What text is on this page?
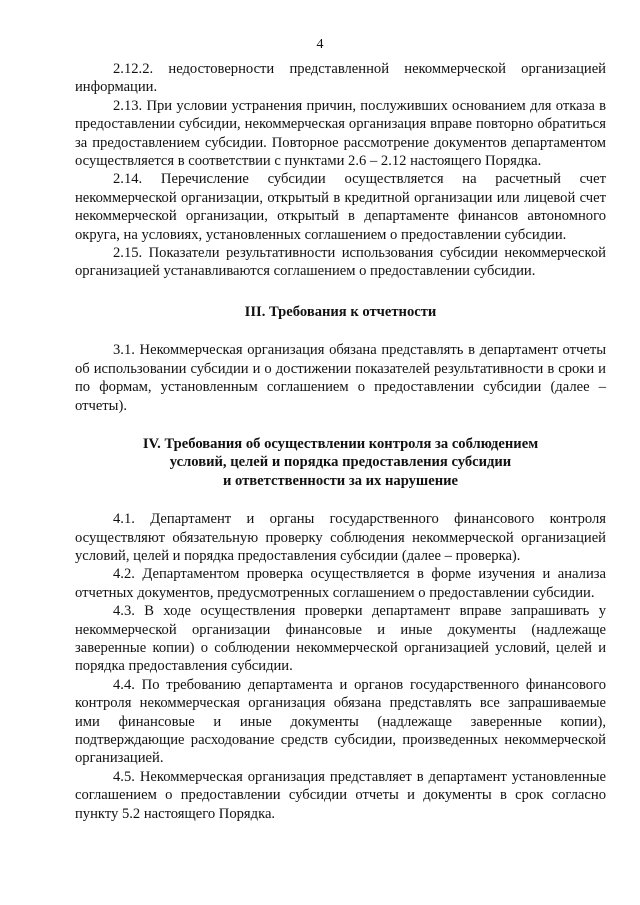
4

2.12.2. недостоверности представленной некоммерческой организацией информации.

2.13. При условии устранения причин, послуживших основанием для отказа в предоставлении субсидии, некоммерческая организация вправе повторно обратиться за предоставлением субсидии. Повторное рассмотрение документов департаментом осуществляется в соответствии с пунктами 2.6 – 2.12 настоящего Порядка.

2.14. Перечисление субсидии осуществляется на расчетный счет некоммерческой организации, открытый в кредитной организации или лицевой счет некоммерческой организации, открытый в департаменте финансов автономного округа, на условиях, установленных соглашением о предоставлении субсидии.

2.15. Показатели результативности использования субсидии некоммерческой организацией устанавливаются соглашением о предоставлении субсидии.

III. Требования к отчетности

3.1. Некоммерческая организация обязана представлять в департамент отчеты об использовании субсидии и о достижении показателей результативности в сроки и по формам, установленным соглашением о предоставлении субсидии (далее – отчеты).

IV. Требования об осуществлении контроля за соблюдением
условий, целей и порядка предоставления субсидии
и ответственности за их нарушение

4.1. Департамент и органы государственного финансового контроля осуществляют обязательную проверку соблюдения некоммерческой организацией условий, целей и порядка предоставления субсидии (далее – проверка).

4.2. Департаментом проверка осуществляется в форме изучения и анализа отчетных документов, предусмотренных соглашением о предоставлении субсидии.

4.3. В ходе осуществления проверки департамент вправе запрашивать у некоммерческой организации финансовые и иные документы (надлежаще заверенные копии) о соблюдении некоммерческой организацией условий, целей и порядка предоставления субсидии.

4.4. По требованию департамента и органов государственного финансового контроля некоммерческая организация обязана представлять все запрашиваемые ими финансовые и иные документы (надлежаще заверенные копии), подтверждающие расходование средств субсидии, произведенных некоммерческой организацией.

4.5. Некоммерческая организация представляет в департамент установленные соглашением о предоставлении субсидии отчеты и документы в срок согласно пункту 5.2 настоящего Порядка.
